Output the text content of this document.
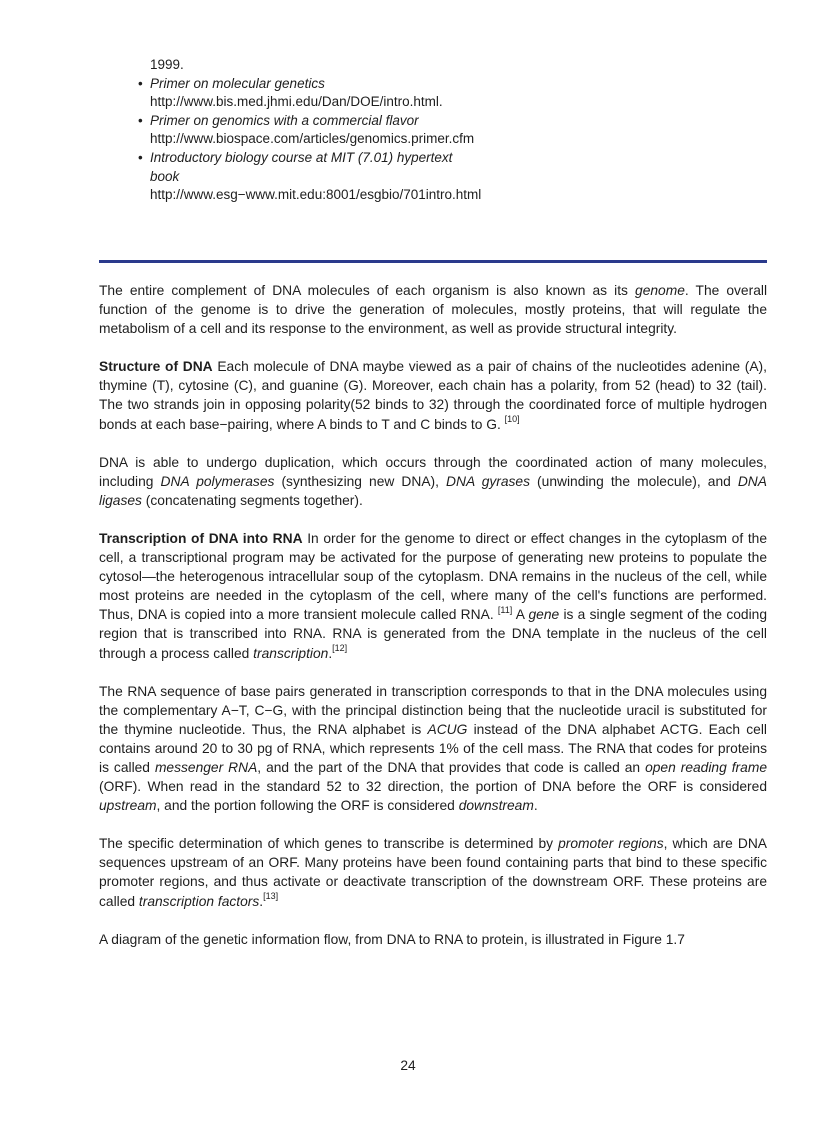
1999.
• Primer on molecular genetics
http://www.bis.med.jhmi.edu/Dan/DOE/intro.html.
• Primer on genomics with a commercial flavor
http://www.biospace.com/articles/genomics.primer.cfm
• Introductory biology course at MIT (7.01) hypertext
book
http://www.esg−www.mit.edu:8001/esgbio/701intro.html

The entire complement of DNA molecules of each organism is also known as its genome. The overall function of the genome is to drive the generation of molecules, mostly proteins, that will regulate the metabolism of a cell and its response to the environment, as well as provide structural integrity.

Structure of DNA Each molecule of DNA maybe viewed as a pair of chains of the nucleotides adenine (A), thymine (T), cytosine (C), and guanine (G). Moreover, each chain has a polarity, from 52 (head) to 32 (tail). The two strands join in opposing polarity(52 binds to 32) through the coordinated force of multiple hydrogen bonds at each base−pairing, where A binds to T and C binds to G. [10]

DNA is able to undergo duplication, which occurs through the coordinated action of many molecules, including DNA polymerases (synthesizing new DNA), DNA gyrases (unwinding the molecule), and DNA ligases (concatenating segments together).

Transcription of DNA into RNA In order for the genome to direct or effect changes in the cytoplasm of the cell, a transcriptional program may be activated for the purpose of generating new proteins to populate the cytosol—the heterogenous intracellular soup of the cytoplasm. DNA remains in the nucleus of the cell, while most proteins are needed in the cytoplasm of the cell, where many of the cell's functions are performed. Thus, DNA is copied into a more transient molecule called RNA. [11] A gene is a single segment of the coding region that is transcribed into RNA. RNA is generated from the DNA template in the nucleus of the cell through a process called transcription.[12]

The RNA sequence of base pairs generated in transcription corresponds to that in the DNA molecules using the complementary A−T, C−G, with the principal distinction being that the nucleotide uracil is substituted for the thymine nucleotide. Thus, the RNA alphabet is ACUG instead of the DNA alphabet ACTG. Each cell contains around 20 to 30 pg of RNA, which represents 1% of the cell mass. The RNA that codes for proteins is called messenger RNA, and the part of the DNA that provides that code is called an open reading frame (ORF). When read in the standard 52 to 32 direction, the portion of DNA before the ORF is considered upstream, and the portion following the ORF is considered downstream.

The specific determination of which genes to transcribe is determined by promoter regions, which are DNA sequences upstream of an ORF. Many proteins have been found containing parts that bind to these specific promoter regions, and thus activate or deactivate transcription of the downstream ORF. These proteins are called transcription factors.[13]

A diagram of the genetic information flow, from DNA to RNA to protein, is illustrated in Figure 1.7

24
